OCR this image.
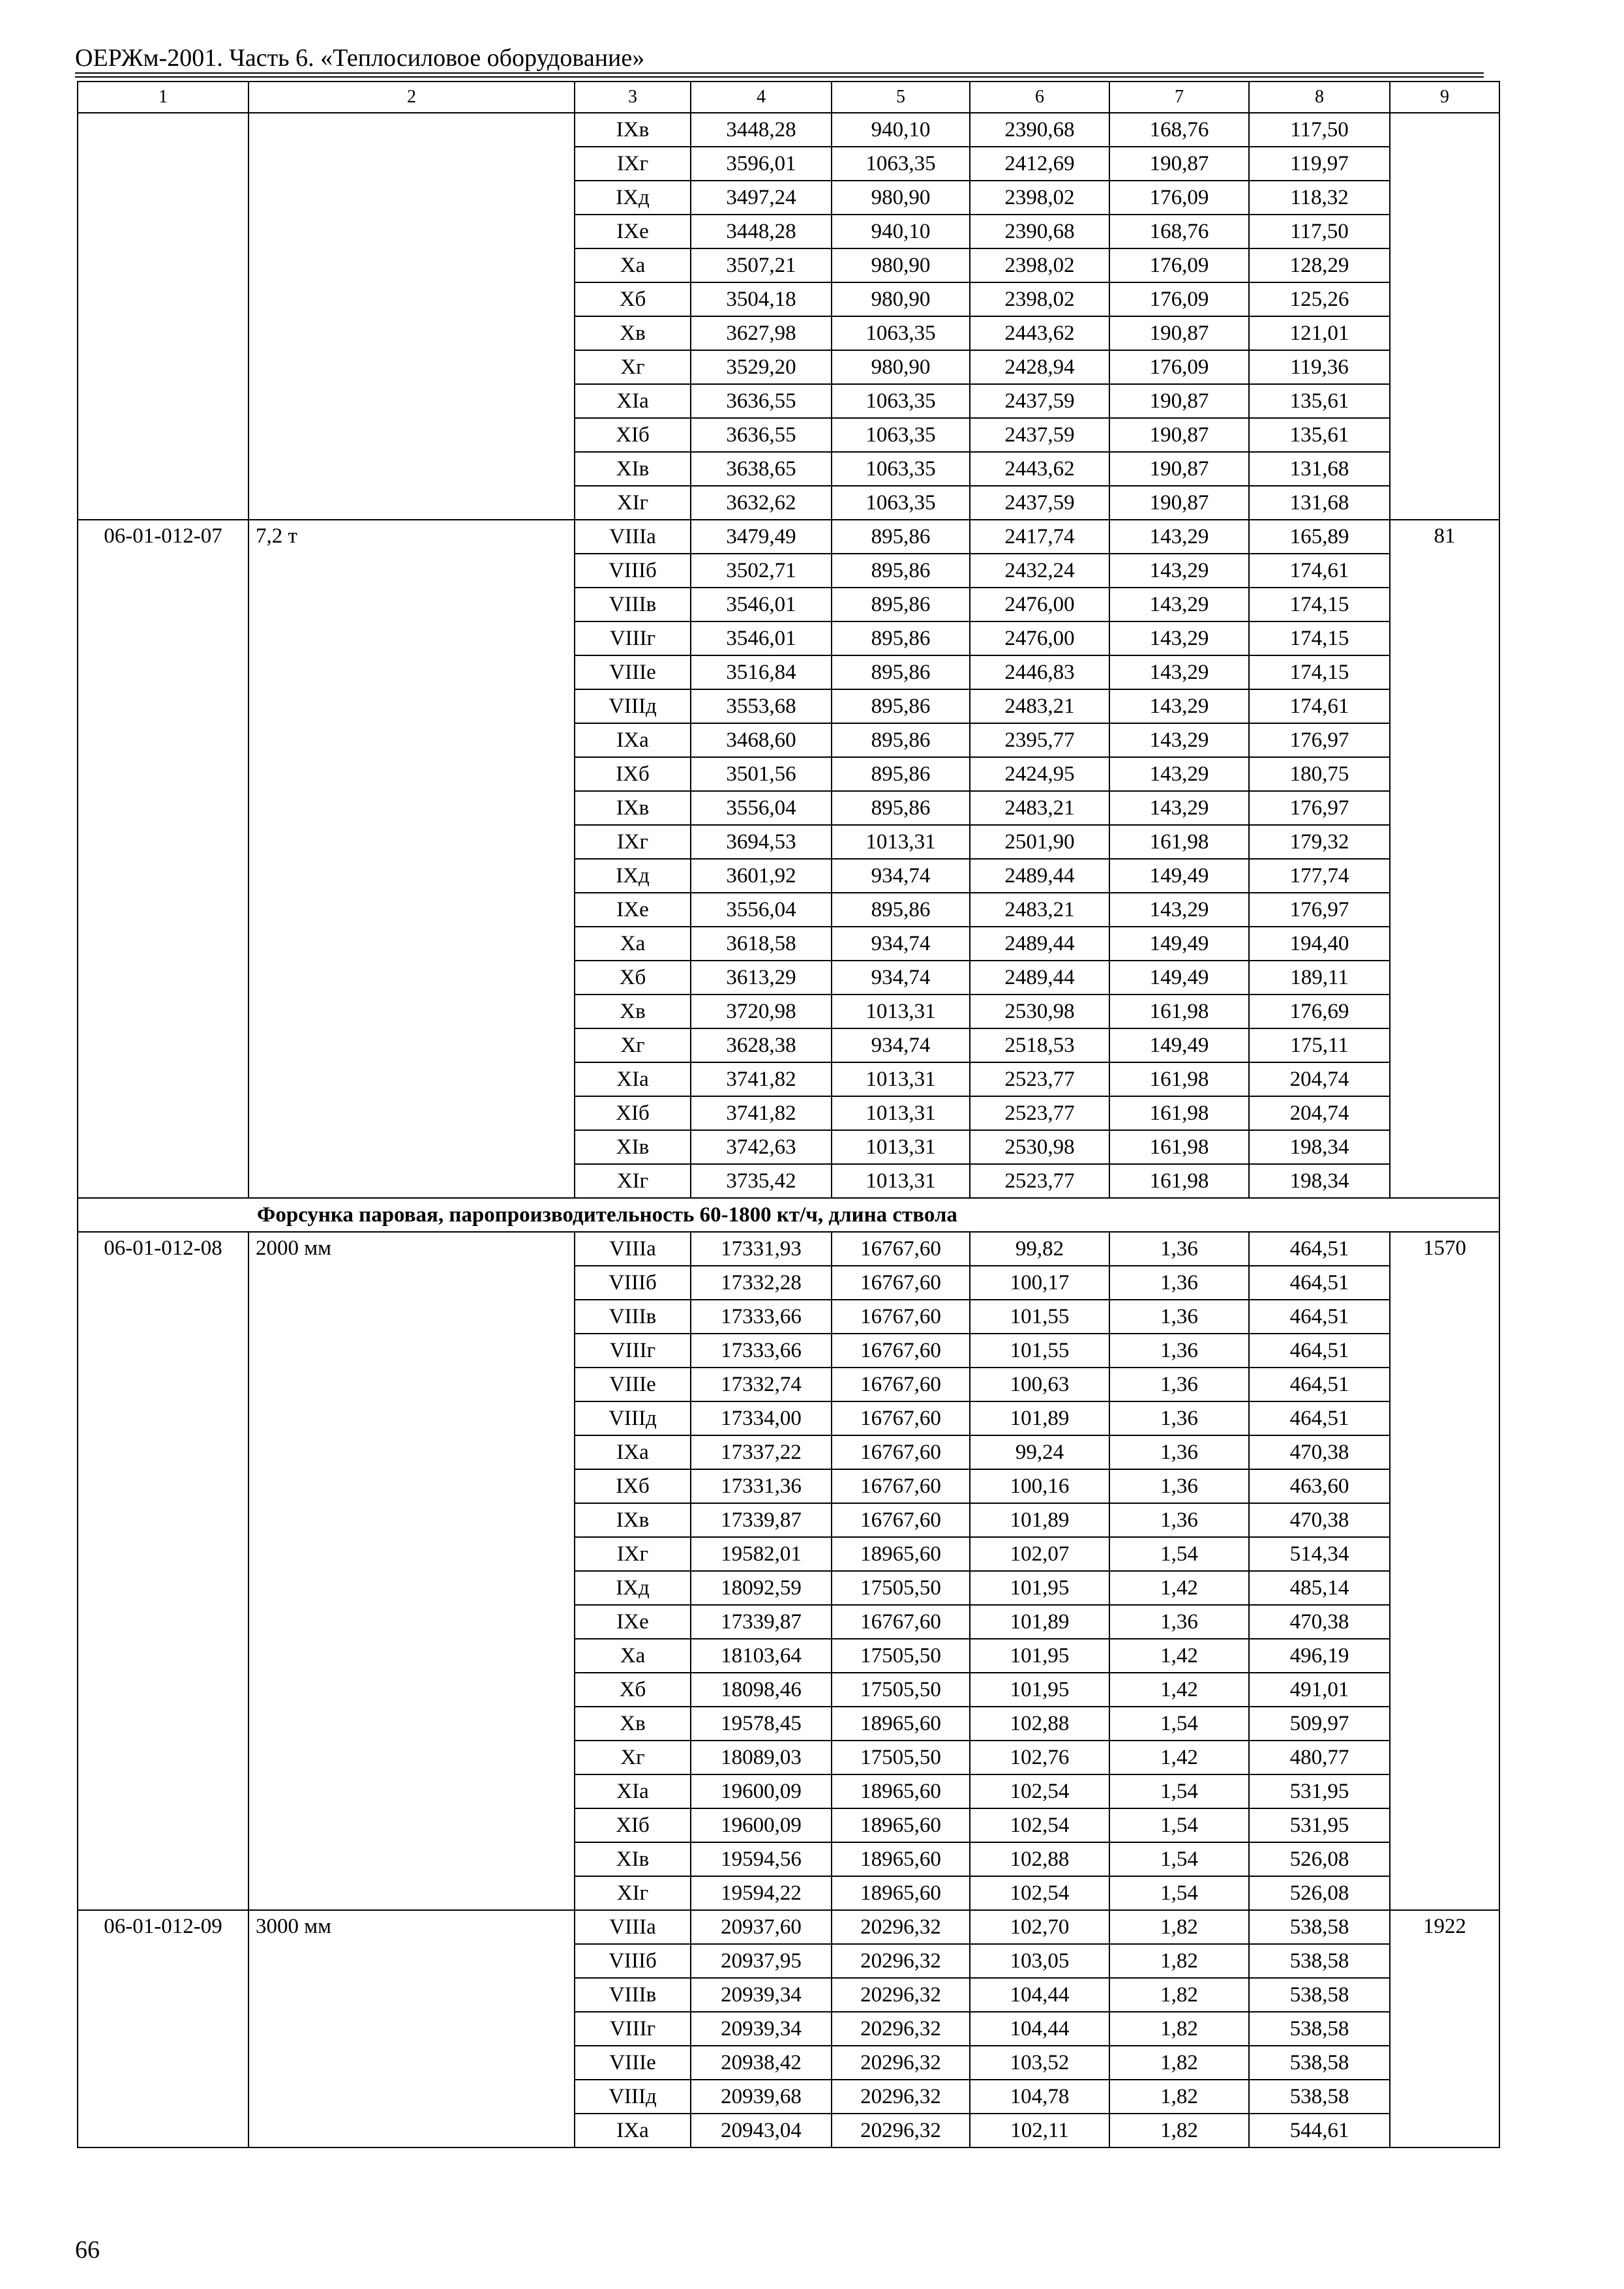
ОЕРЖм-2001. Часть 6. «Теплосиловое оборудование»
1	2	3	4	5	6	7	8	9
		IXв	3448,28	940,10	2390,68	168,76	117,50	
		IXг	3596,01	1063,35	2412,69	190,87	119,97	
		IXд	3497,24	980,90	2398,02	176,09	118,32	
		IXе	3448,28	940,10	2390,68	168,76	117,50	
		Xа	3507,21	980,90	2398,02	176,09	128,29	
		Xб	3504,18	980,90	2398,02	176,09	125,26	
		Xв	3627,98	1063,35	2443,62	190,87	121,01	
		Xг	3529,20	980,90	2428,94	176,09	119,36	
		XIа	3636,55	1063,35	2437,59	190,87	135,61	
		XIб	3636,55	1063,35	2437,59	190,87	135,61	
		XIв	3638,65	1063,35	2443,62	190,87	131,68	
		XIг	3632,62	1063,35	2437,59	190,87	131,68	
06-01-012-07	7,2 т	VIIIа	3479,49	895,86	2417,74	143,29	165,89	81
		VIIIб	3502,71	895,86	2432,24	143,29	174,61	
		VIIIв	3546,01	895,86	2476,00	143,29	174,15	
		VIIIг	3546,01	895,86	2476,00	143,29	174,15	
		VIIIе	3516,84	895,86	2446,83	143,29	174,15	
		VIIIд	3553,68	895,86	2483,21	143,29	174,61	
		IXа	3468,60	895,86	2395,77	143,29	176,97	
		IXб	3501,56	895,86	2424,95	143,29	180,75	
		IXв	3556,04	895,86	2483,21	143,29	176,97	
		IXг	3694,53	1013,31	2501,90	161,98	179,32	
		IXд	3601,92	934,74	2489,44	149,49	177,74	
		IXе	3556,04	895,86	2483,21	143,29	176,97	
		Xа	3618,58	934,74	2489,44	149,49	194,40	
		Xб	3613,29	934,74	2489,44	149,49	189,11	
		Xв	3720,98	1013,31	2530,98	161,98	176,69	
		Xг	3628,38	934,74	2518,53	149,49	175,11	
		XIа	3741,82	1013,31	2523,77	161,98	204,74	
		XIб	3741,82	1013,31	2523,77	161,98	204,74	
		XIв	3742,63	1013,31	2530,98	161,98	198,34	
		XIг	3735,42	1013,31	2523,77	161,98	198,34	
Форсунка паровая, паропроизводительность 60-1800 кт/ч, длина ствола								
06-01-012-08	2000 мм	VIIIа	17331,93	16767,60	99,82	1,36	464,51	1570
		VIIIб	17332,28	16767,60	100,17	1,36	464,51	
		VIIIв	17333,66	16767,60	101,55	1,36	464,51	
		VIIIг	17333,66	16767,60	101,55	1,36	464,51	
		VIIIе	17332,74	16767,60	100,63	1,36	464,51	
		VIIIд	17334,00	16767,60	101,89	1,36	464,51	
		IXа	17337,22	16767,60	99,24	1,36	470,38	
		IXб	17331,36	16767,60	100,16	1,36	463,60	
		IXв	17339,87	16767,60	101,89	1,36	470,38	
		IXг	19582,01	18965,60	102,07	1,54	514,34	
		IXд	18092,59	17505,50	101,95	1,42	485,14	
		IXе	17339,87	16767,60	101,89	1,36	470,38	
		Xа	18103,64	17505,50	101,95	1,42	496,19	
		Xб	18098,46	17505,50	101,95	1,42	491,01	
		Xв	19578,45	18965,60	102,88	1,54	509,97	
		Xг	18089,03	17505,50	102,76	1,42	480,77	
		XIа	19600,09	18965,60	102,54	1,54	531,95	
		XIб	19600,09	18965,60	102,54	1,54	531,95	
		XIв	19594,56	18965,60	102,88	1,54	526,08	
		XIг	19594,22	18965,60	102,54	1,54	526,08	
06-01-012-09	3000 мм	VIIIа	20937,60	20296,32	102,70	1,82	538,58	1922
		VIIIб	20937,95	20296,32	103,05	1,82	538,58	
		VIIIв	20939,34	20296,32	104,44	1,82	538,58	
		VIIIг	20939,34	20296,32	104,44	1,82	538,58	
		VIIIе	20938,42	20296,32	103,52	1,82	538,58	
		VIIIд	20939,68	20296,32	104,78	1,82	538,58	
		IXа	20943,04	20296,32	102,11	1,82	544,61	
66
